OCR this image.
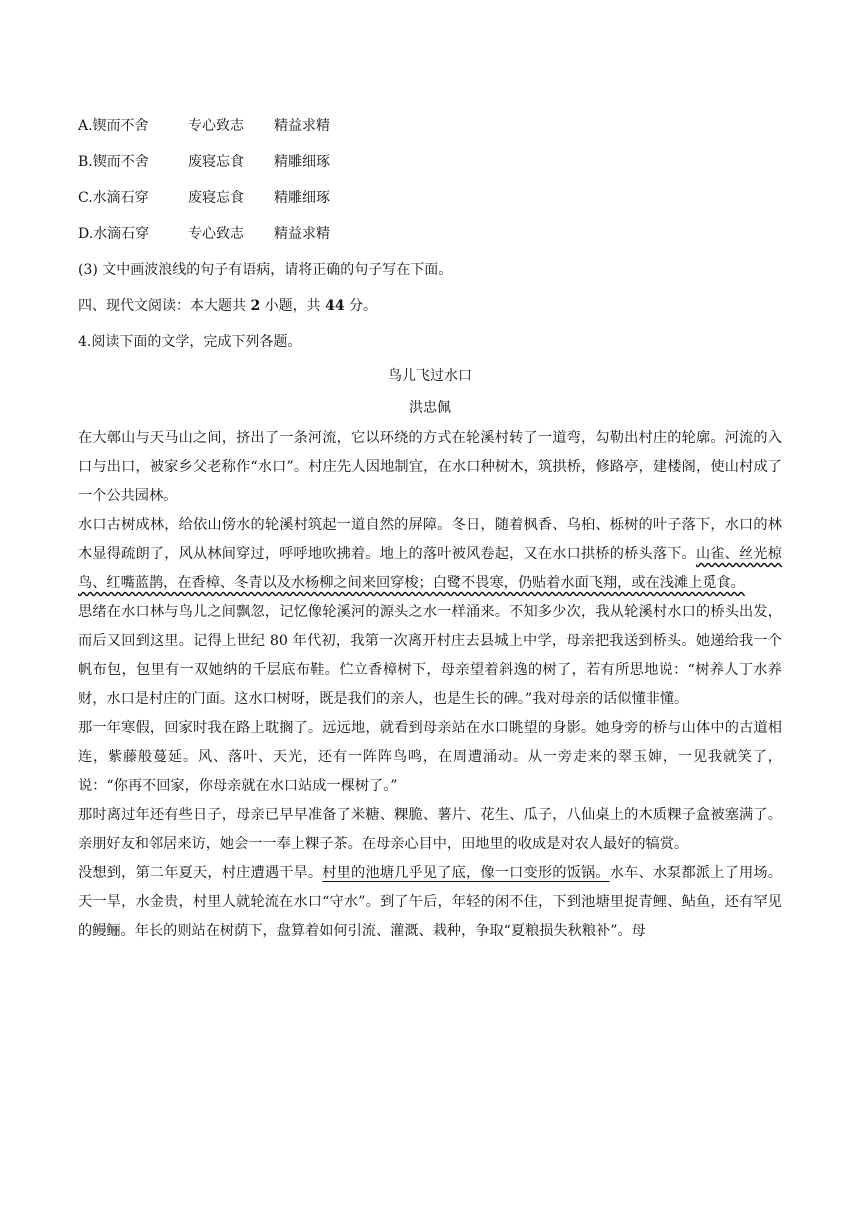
A.锲而不舍	专心致志 精益求精
B.锲而不舍	废寝忘食 精雕细琢
C.水滴石穿	废寝忘食 精雕细琢
D.水滴石穿	专心致志 精益求精
(3) 文中画波浪线的句子有语病，请将正确的句子写在下面。
四、现代文阅读：本大题共 2 小题，共 44 分。
4.阅读下面的文学，完成下列各题。
鸟儿飞过水口
洪忠佩

在大鄣山与天马山之间，挤出了一条河流，它以环绕的方式在轮溪村转了一道弯，勾勒出村庄的轮廓。河流的入口与出口，被家乡父老称作“水口”。村庄先人因地制宜，在水口种树木，筑拱桥，修路亭，建楼阁，使山村成了一个公共园林。

水口古树成林，给依山傍水的轮溪村筑起一道自然的屏障。冬日，随着枫香、乌桕、栎树的叶子落下，水口的林木显得疏朗了，风从林间穿过，呼呼地吹拂着。地上的落叶被风卷起，又在水口拱桥的桥头落下。山雀、丝光椋鸟、红嘴蓝鹊，在香樟、冬青以及水杨柳之间来回穿梭；白鹭不畏寒，仍贴着水面飞翔，或在浅滩上觅食。

思绪在水口林与鸟儿之间飘忽，记忆像轮溪河的源头之水一样涌来。不知多少次，我从轮溪村水口的桥头出发，而后又回到这里。记得上世纪 80 年代初，我第一次离开村庄去县城上中学，母亲把我送到桥头。她递给我一个帆布包，包里有一双她纳的千层底布鞋。伫立香樟树下，母亲望着斜逸的树了，若有所思地说：“树养人丁水养财，水口是村庄的门面。这水口树呀，既是我们的亲人，也是生长的碑。”我对母亲的话似懂非懂。

那一年寒假，回家时我在路上耽搁了。远远地，就看到母亲站在水口眺望的身影。她身旁的桥与山体中的古道相连，紫藤般蔓延。风、落叶、天光，还有一阵阵鸟鸣，在周遭涌动。从一旁走来的翠玉婶，一见我就笑了，说：“你再不回家，你母亲就在水口站成一棵树了。”

那时离过年还有些日子，母亲已早早准备了米糖、粿脆、薯片、花生、瓜子，八仙桌上的木质粿子盒被塞满了。亲朋好友和邻居来访，她会一一奉上粿子茶。在母亲心目中，田地里的收成是对农人最好的犒赏。

没想到，第二年夏天，村庄遭遇干旱。村里的池塘几乎见了底，像一口变形的饭锅。水车、水泵都派上了用场。天一旱，水金贵，村里人就轮流在水口“守水”。到了午后，年轻的闲不住，下到池塘里捉青鲤、鲇鱼，还有罕见的鳗鲡。年长的则站在树荫下，盘算着如何引流、灌溉、栽种，争取“夏粮损失秋粮补”。母
